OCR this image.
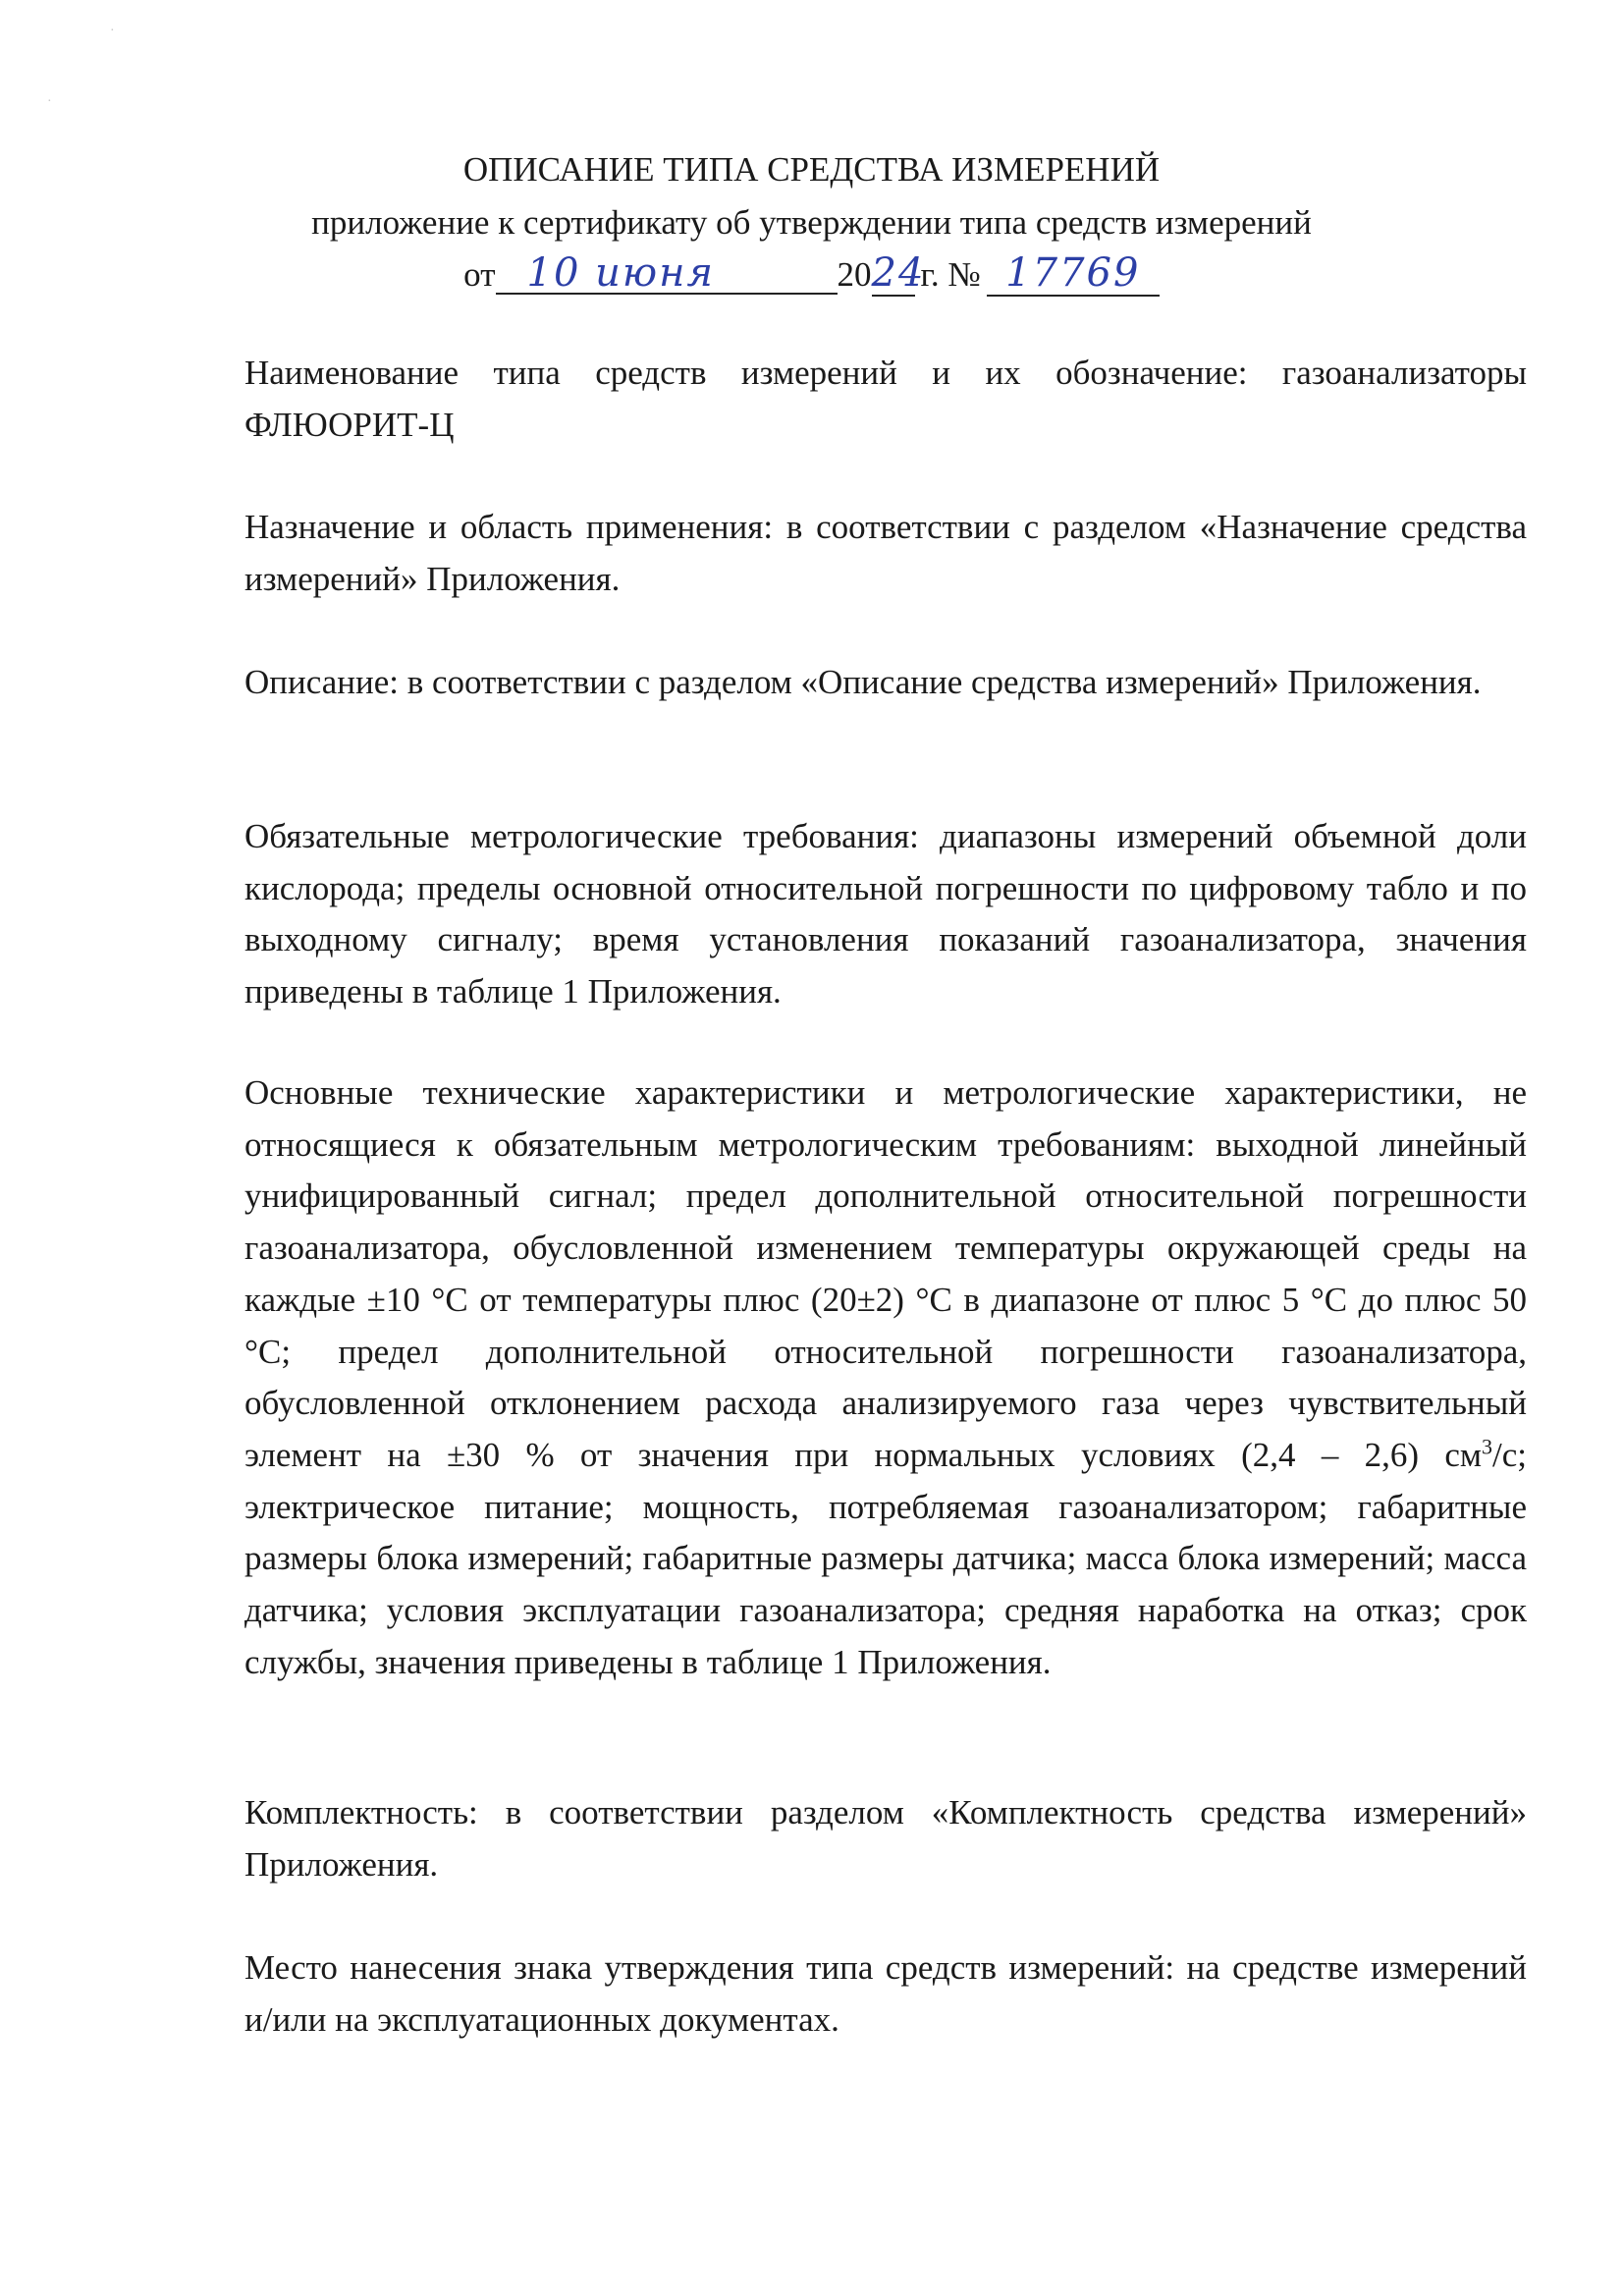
·
·
ОПИСАНИЕ ТИПА СРЕДСТВА ИЗМЕРЕНИЙ
приложение к сертификату об утверждении типа средств измерений
от 10 июня	20 24
г. № 17769

Наименование типа средств измерений и их обозначение: газоанализаторы ФЛЮОРИТ-Ц

Назначение и область применения: в соответствии с разделом «Назначение средства измерений» Приложения.

Описание: в соответствии с разделом «Описание средства измерений» Приложения.

Обязательные метрологические требования: диапазоны измерений объемной доли кислорода; пределы основной относительной погрешности по цифровому табло и по выходному сигналу; время установления показаний газоанализатора, значения приведены в таблице 1 Приложения.

Основные технические характеристики и метрологические характеристики, не относящиеся к обязательным метрологическим требованиям: выходной линейный унифицированный сигнал; предел дополнительной относительной погрешности газоанализатора, обусловленной изменением температуры окружающей среды на каждые ±10 °С от температуры плюс (20±2) °С в диапазоне от плюс 5 °С до плюс 50 °С; предел дополнительной относительной погрешности газоанализатора, обусловленной отклонением расхода анализируемого газа через чувствительный элемент на ±30 % от значения при нормальных условиях (2,4 – 2,6) $см^3/с$; электрическое питание; мощность, потребляемая газоанализатором; габаритные размеры блока измерений; габаритные размеры датчика; масса блока измерений; масса датчика; условия эксплуатации газоанализатора; средняя наработка на отказ; срок службы, значения приведены в таблице 1 Приложения.

Комплектность: в соответствии разделом «Комплектность средства измерений» Приложения.

Место нанесения знака утверждения типа средств измерений: на средстве измерений и/или на эксплуатационных документах.
